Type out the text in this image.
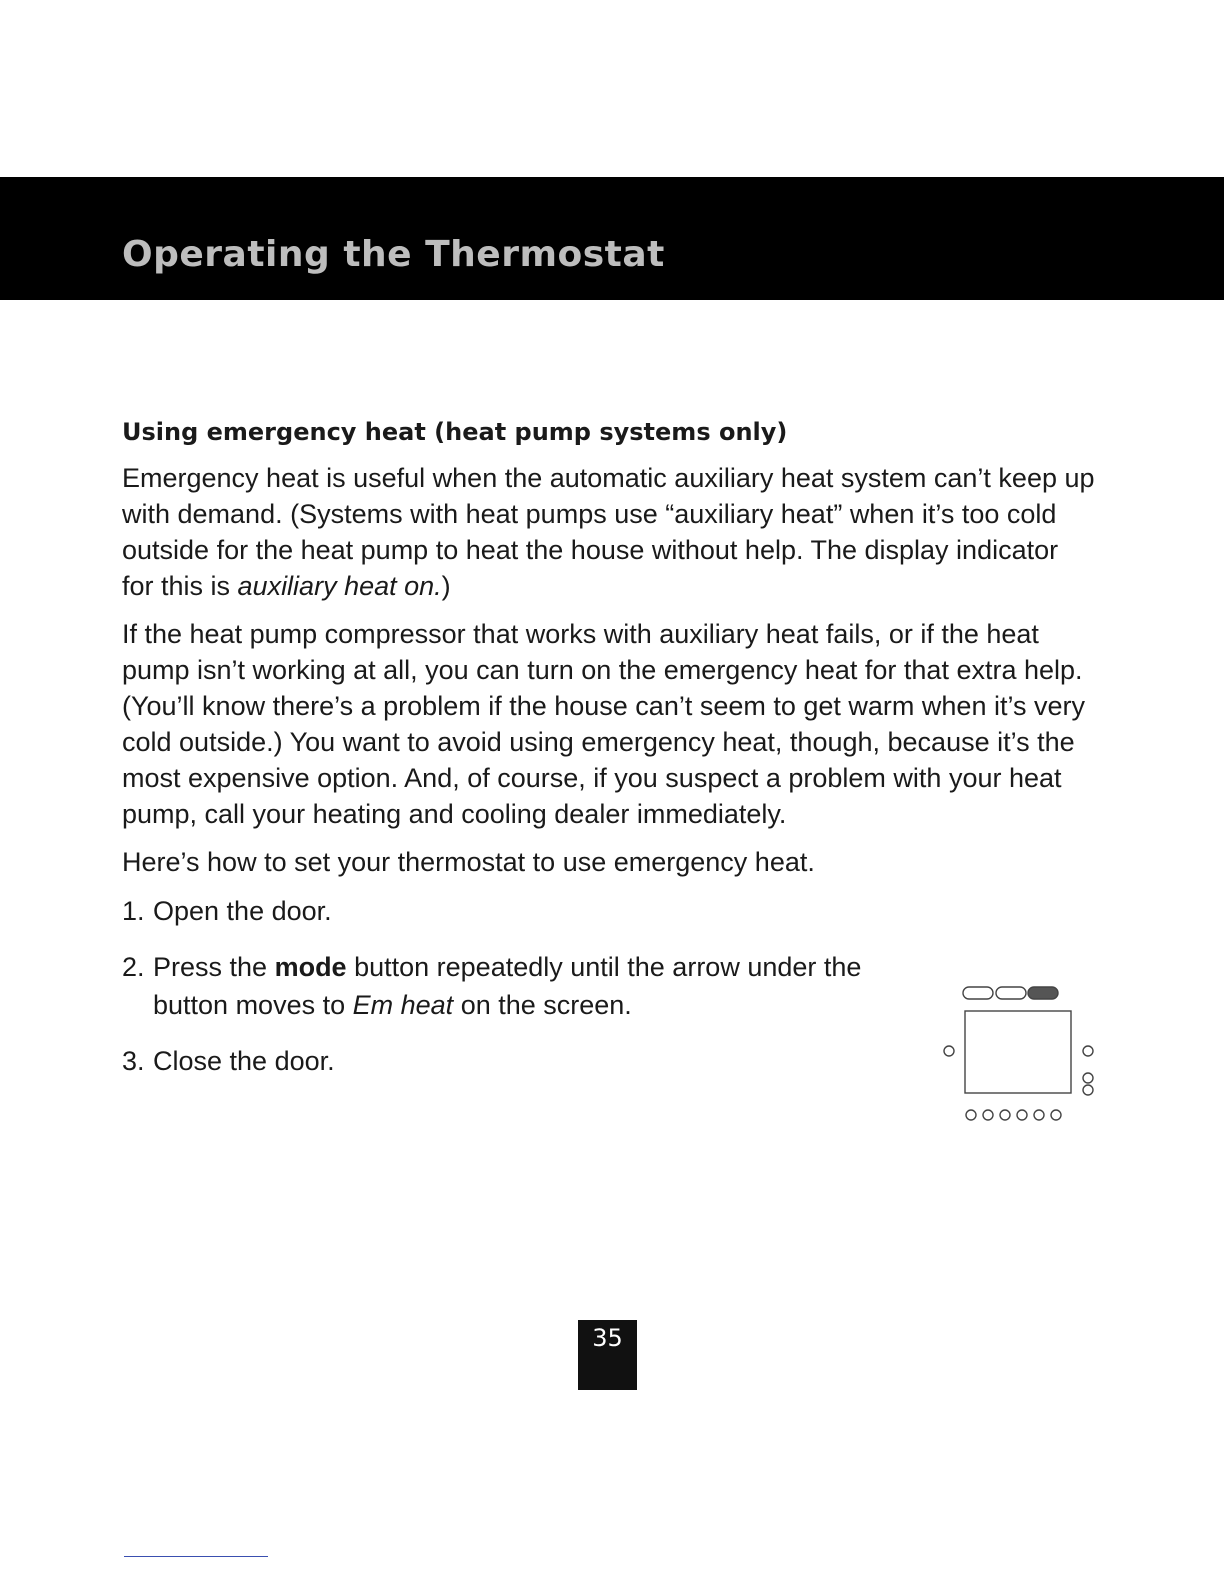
Operating the Thermostat
Using emergency heat (heat pump systems only)

Emergency heat is useful when the automatic auxiliary heat system can’t keep up with demand. (Systems with heat pumps use “auxiliary heat” when it’s too cold outside for the heat pump to heat the house without help. The display indicator for this is auxiliary heat on.)

If the heat pump compressor that works with auxiliary heat fails, or if the heat pump isn’t working at all, you can turn on the emergency heat for that extra help. (You’ll know there’s a problem if the house can’t seem to get warm when it’s very cold outside.) You want to avoid using emergency heat, though, because it’s the most expensive option. And, of course, if you suspect a problem with your heat pump, call your heating and cooling dealer immediately.

Here’s how to set your thermostat to use emergency heat.

1. Open the door.
2. Press the mode button repeatedly until the arrow under the button moves to Em heat on the screen.
3. Close the door.
35
